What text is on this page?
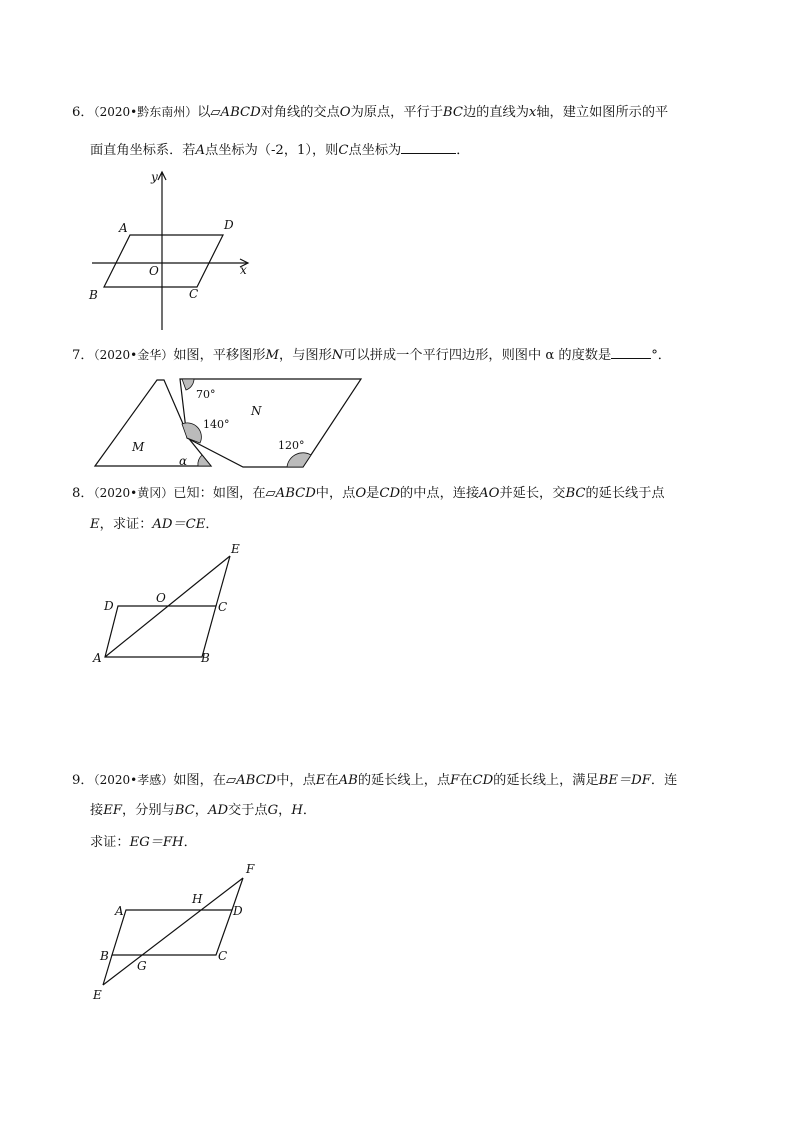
6．（2020•黔东南州）以▱ABCD对角线的交点O为原点，平行于BC边的直线为x轴，建立如图所示的平
面直角坐标系．若A点坐标为（-2，1），则C点坐标为	．
A	D
O	x
y
B	C
70°
140°
120°
M
N
α
A	B
C
D
E
O
A
H
D
F
B
G
C
E
7．（2020•金华）如图，平移图形M，与图形N可以拼成一个平行四边形，则图中 α 的度数是	°．
8．（2020•黄冈）已知：如图，在▱ABCD中，点O是CD的中点，连接AO并延长，交BC的延长线于点
E，求证：AD＝CE．
9．（2020•孝感）如图，在▱ABCD中，点E在AB的延长线上，点F在CD的延长线上，满足BE＝DF．连
接EF，分别与BC，AD交于点G，H．
求证：EG＝FH．
